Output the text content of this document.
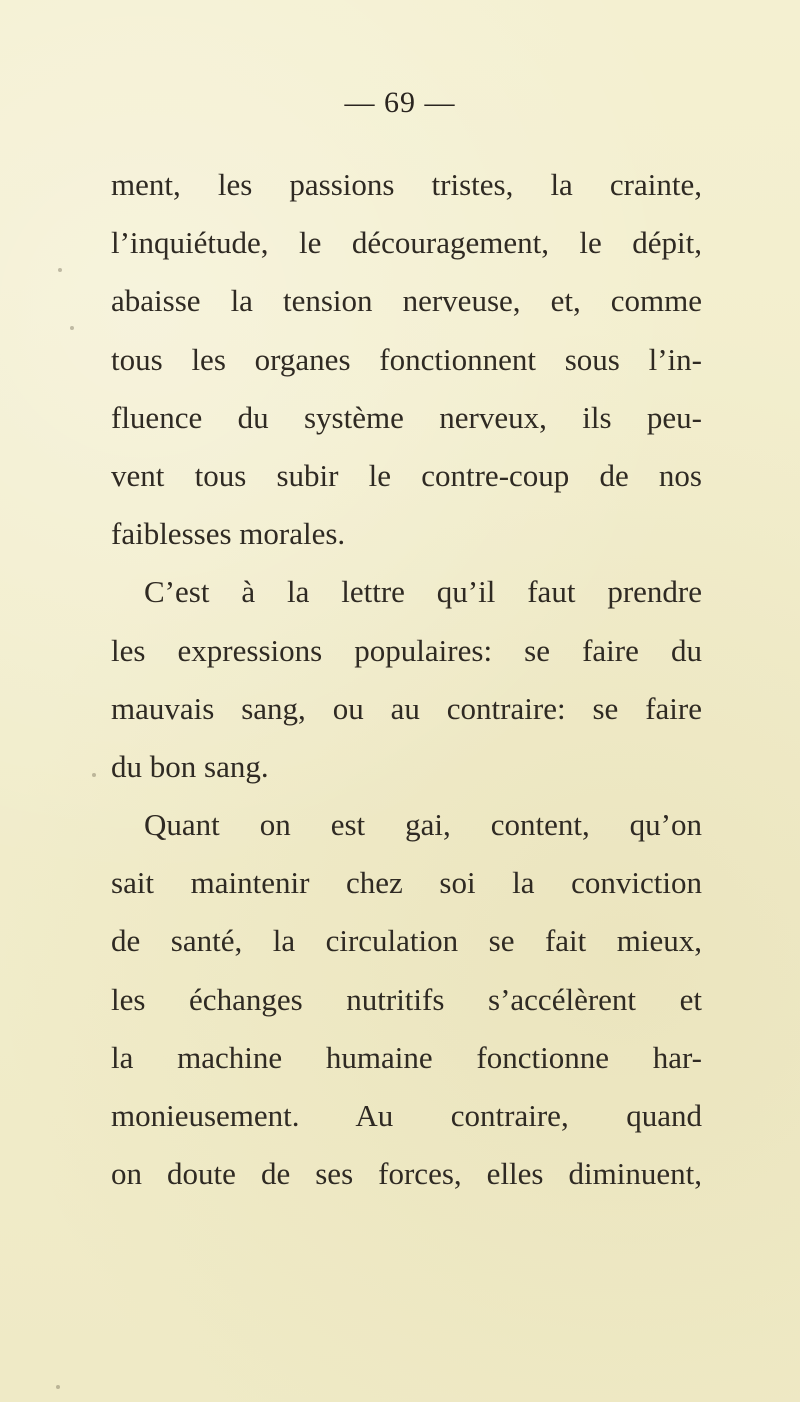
— 69 —
ment, les passions tristes, la crainte,
l’inquiétude, le découragement, le dépit,
abaisse la tension nerveuse, et, comme
tous les organes fonctionnent sous l’in-
fluence du système nerveux, ils peu-
vent tous subir le contre-coup de nos
faiblesses morales.
C’est à la lettre qu’il faut prendre
les expressions populaires: se faire du
mauvais sang, ou au contraire: se faire
du bon sang.
Quant on est gai, content, qu’on
sait maintenir chez soi la conviction
de santé, la circulation se fait mieux,
les échanges nutritifs s’accélèrent et
la machine humaine fonctionne har-
monieusement. Au contraire, quand
on doute de ses forces, elles diminuent,
